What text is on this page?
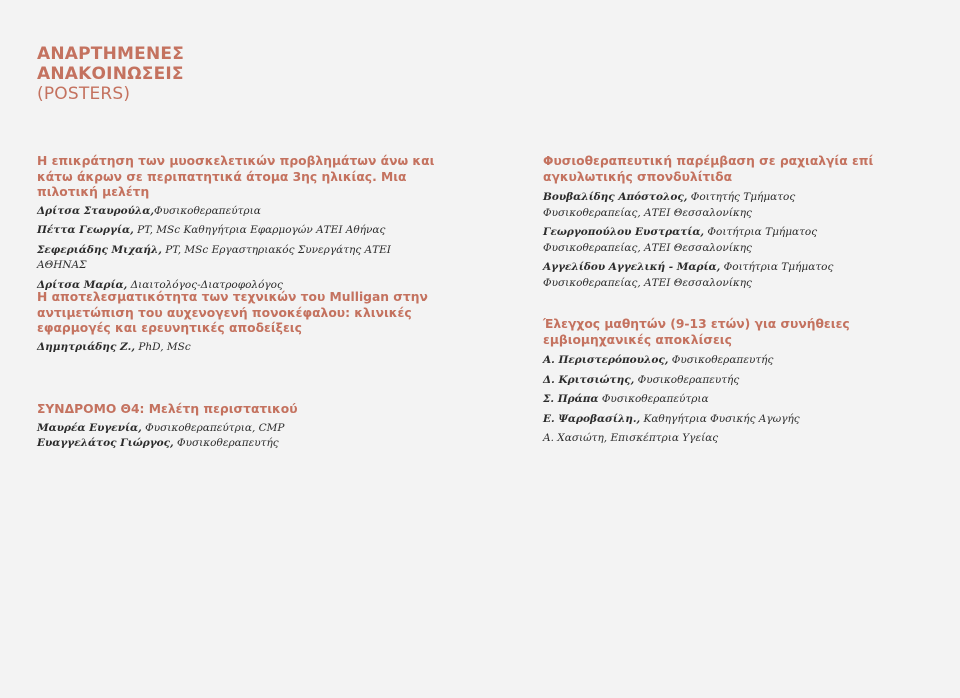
ΑΝΑΡΤΗΜΕΝΕΣ
ΑΝΑΚΟΙΝΩΣΕΙΣ
(POSTERS)
Η επικράτηση των μυοσκελετικών προβλημάτων άνω και κάτω άκρων σε περιπατητικά άτομα 3ης ηλικίας. Μια πιλοτική μελέτη
Δρίτσα Σταυρούλα,Φυσικοθεραπεύτρια
Πέττα Γεωργία, PT, MSc Καθηγήτρια Εφαρμογών ΑΤΕΙ Αθήνας
Σεφεριάδης Μιχαήλ, PT, MSc Εργαστηριακός Συνεργάτης ΑΤΕΙ ΑΘΗΝΑΣ
Δρίτσα Μαρία, Διαιτολόγος-Διατροφολόγος
Η αποτελεσματικότητα των τεχνικών του Mulligan στην αντιμετώπιση του αυχενογενή πονοκέφαλου: κλινικές εφαρμογές και ερευνητικές αποδείξεις
Δημητριάδης Ζ., PhD, MSc
ΣΥΝΔΡΟΜΟ Θ4: Μελέτη περιστατικού
Μαυρέα Ευγενία, Φυσικοθεραπεύτρια, CMP
Ευαγγελάτος Γιώργος, Φυσικοθεραπευτής
Φυσιοθεραπευτική παρέμβαση σε ραχιαλγία επί αγκυλωτικής σπονδυλίτιδα
Βουβαλίδης Απόστολος, Φοιτητής Τμήματος Φυσικοθεραπείας, ΑΤΕΙ Θεσσαλονίκης
Γεωργοπούλου Ευστρατία, Φοιτήτρια Τμήματος Φυσικοθεραπείας, ΑΤΕΙ Θεσσαλονίκης
Αγγελίδου Αγγελική - Μαρία, Φοιτήτρια Τμήματος Φυσικοθεραπείας, ΑΤΕΙ Θεσσαλονίκης
Έλεγχος μαθητών (9-13 ετών) για συνήθειες εμβιομηχανικές αποκλίσεις
Α. Περιστερόπουλος, Φυσικοθεραπευτής
Δ. Κριτσιώτης, Φυσικοθεραπευτής
Σ. Πράπα Φυσικοθεραπεύτρια
Ε. Ψαροβασίλη., Καθηγήτρια Φυσικής Αγωγής
Α. Χασιώτη, Επισκέπτρια Υγείας
